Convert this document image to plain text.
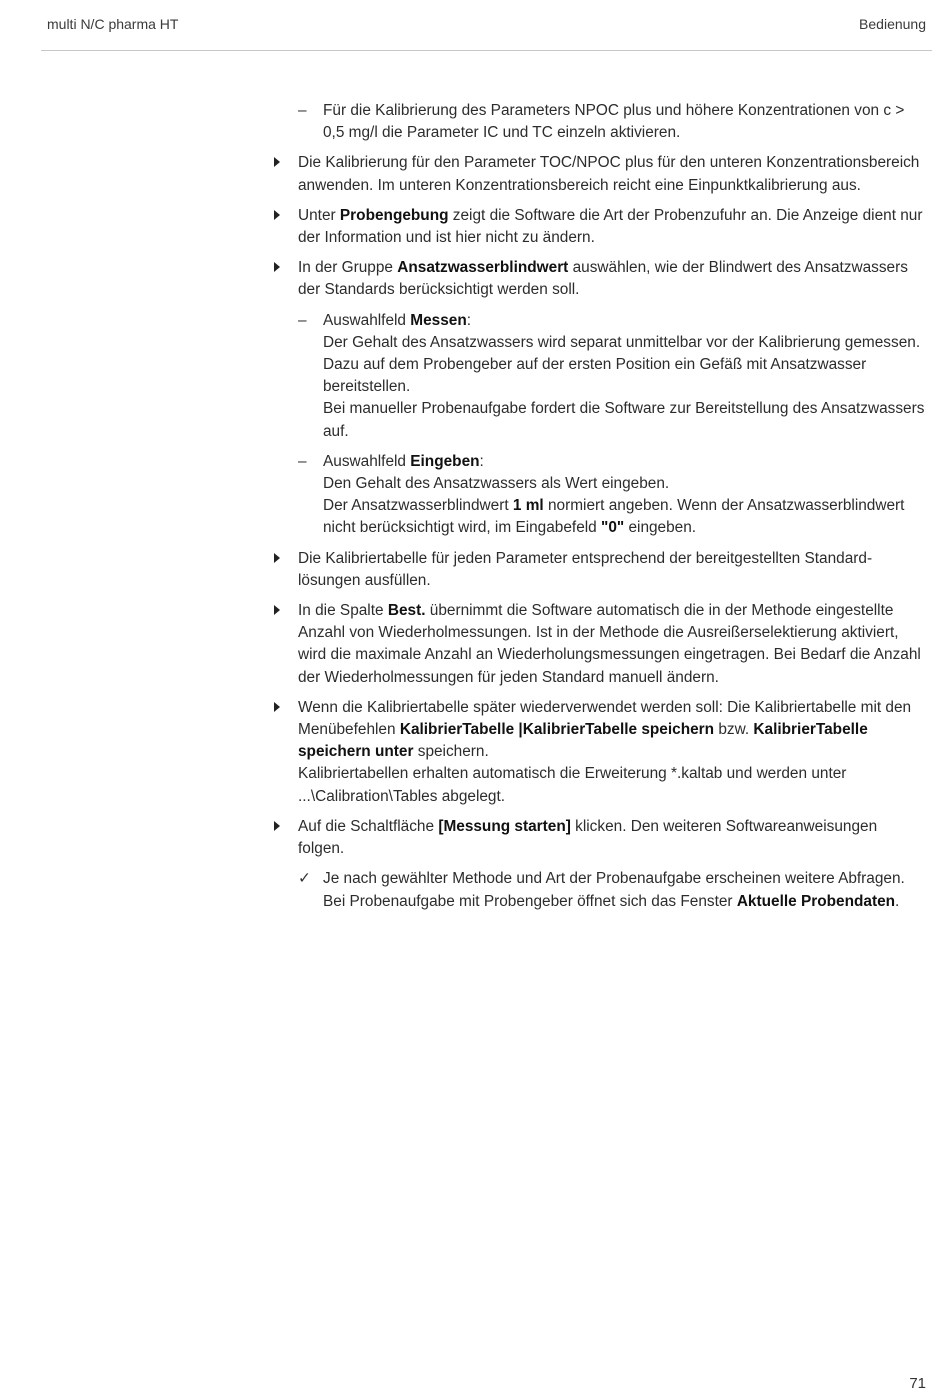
multi N/C pharma HT	Bedienung
–	Für die Kalibrierung des Parameters NPOC plus und höhere Konzentrationen von c > 0,5 mg/l die Parameter IC und TC einzeln aktivieren.
Die Kalibrierung für den Parameter TOC/NPOC plus für den unteren Konzentrationsbereich anwenden. Im unteren Konzentrationsbereich reicht eine Einpunktkalibrierung aus.
Unter Probengebung zeigt die Software die Art der Probenzufuhr an. Die Anzeige dient nur der Information und ist hier nicht zu ändern.
In der Gruppe Ansatzwasserblindwert auswählen, wie der Blindwert des Ansatzwassers der Standards berücksichtigt werden soll.
–	Auswahlfeld Messen:
Der Gehalt des Ansatzwassers wird separat unmittelbar vor der Kalibrierung gemessen. Dazu auf dem Probengeber auf der ersten Position ein Gefäß mit Ansatzwasser bereitstellen.
Bei manueller Probenaufgabe fordert die Software zur Bereitstellung des Ansatzwassers auf.
–	Auswahlfeld Eingeben:
Den Gehalt des Ansatzwassers als Wert eingeben.
Der Ansatzwasserblindwert 1 ml normiert angeben. Wenn der Ansatzwasserblindwert nicht berücksichtigt wird, im Eingabefeld "0" eingeben.
Die Kalibriertabelle für jeden Parameter entsprechend der bereitgestellten Standardlösungen ausfüllen.
In die Spalte Best. übernimmt die Software automatisch die in der Methode eingestellte Anzahl von Wiederholmessungen. Ist in der Methode die Ausreißerselektierung aktiviert, wird die maximale Anzahl an Wiederholungsmessungen eingetragen. Bei Bedarf die Anzahl der Wiederholmessungen für jeden Standard manuell ändern.
Wenn die Kalibriertabelle später wiederverwendet werden soll: Die Kalibriertabelle mit den Menübefehlen KalibrierTabelle |KalibrierTabelle speichern bzw. KalibrierTabelle speichern unter speichern.
Kalibriertabellen erhalten automatisch die Erweiterung *.kaltab und werden unter ...\Calibration\Tables abgelegt.
Auf die Schaltfläche [Messung starten] klicken. Den weiteren Softwareanweisungen folgen.
✓ Je nach gewählter Methode und Art der Probenaufgabe erscheinen weitere Abfragen. Bei Probenaufgabe mit Probengeber öffnet sich das Fenster Aktuelle Probendaten.
71
